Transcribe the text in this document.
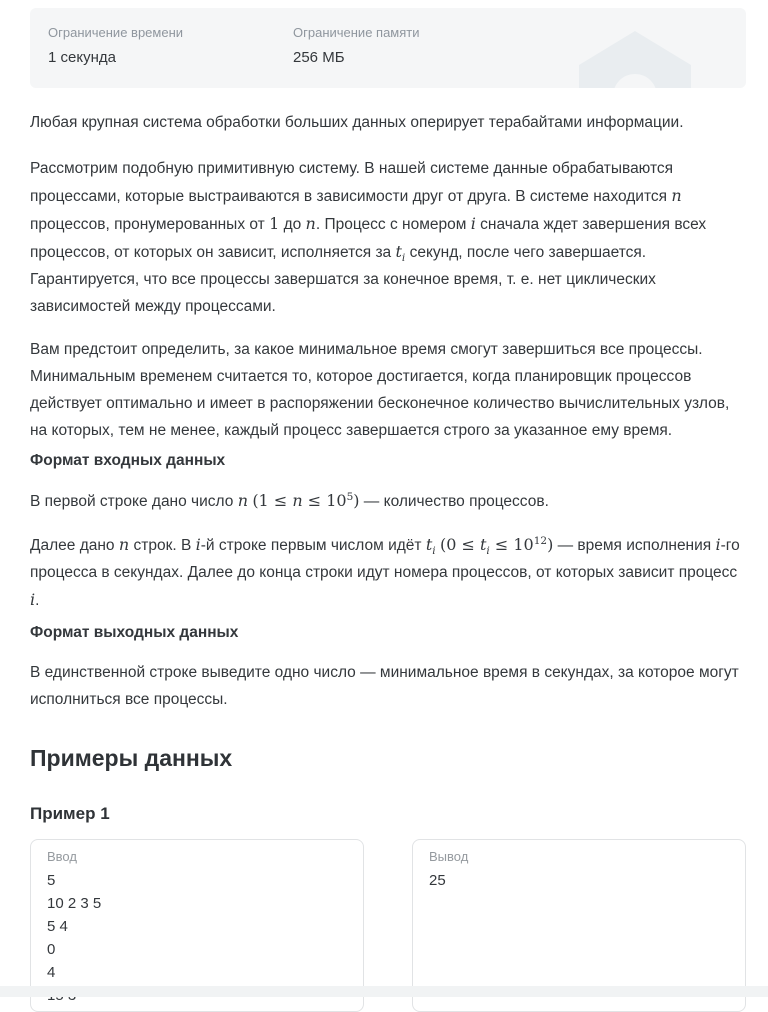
Ограничение времени
1 секунда
Ограничение памяти
256 МБ

Любая крупная система обработки больших данных оперирует терабайтами информации.

Рассмотрим подобную примитивную систему. В нашей системе данные обрабатываются процессами, которые выстраиваются в зависимости друг от друга. В системе находится n процессов, пронумерованных от 1 до n. Процесс с номером i сначала ждет завершения всех процессов, от которых он зависит, исполняется за $t_i$ секунд, после чего завершается. Гарантируется, что все процессы завершатся за конечное время, т. е. нет циклических зависимостей между процессами.

Вам предстоит определить, за какое минимальное время смогут завершиться все процессы. Минимальным временем считается то, которое достигается, когда планировщик процессов действует оптимально и имеет в распоряжении бесконечное количество вычислительных узлов, на которых, тем не менее, каждый процесс завершается строго за указанное ему время.

Формат входных данных

В первой строке дано число n $(1 \le n \le 10^5)$ — количество процессов.

Далее дано n строк. В i-й строке первым числом идёт $t_i$ $(0 \le t_i \le 10^{12})$ — время исполнения i-го процесса в секундах. Далее до конца строки идут номера процессов, от которых зависит процесс i.

Формат выходных данных

В единственной строке выведите одно число — минимальное время в секундах, за которое могут исполниться все процессы.

Примеры данных
Пример 1
Ввод
5
10 2 3 5
5 4
0
4
Вывод
25
